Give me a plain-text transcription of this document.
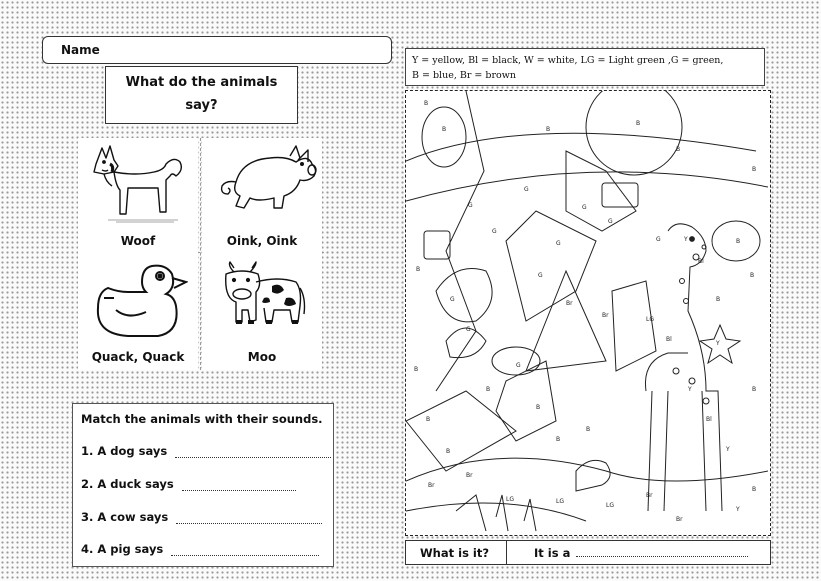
Name
What do the animals
say?
Woof	Oink, Oink
Quack, Quack	Moo
Match the animals with their sounds.
1. A dog says
2. A duck says
3. A cow says
4. A pig says
Y = yellow, Bl = black, W = white, LG = Light green ,G = green,
B = blue, Br = brown
B
B
B
G
G
G
G
G
G
G
Br
Br
G
G
G
G	Y
Bl
B
B
B
LG
Bl
Y
Y
Bl
Y
B
B
B
B
B
B
Br
Br
LG	LG
LG
Br
Br
Y
B
B
B
B
B
B
B
What is it?	It is a
